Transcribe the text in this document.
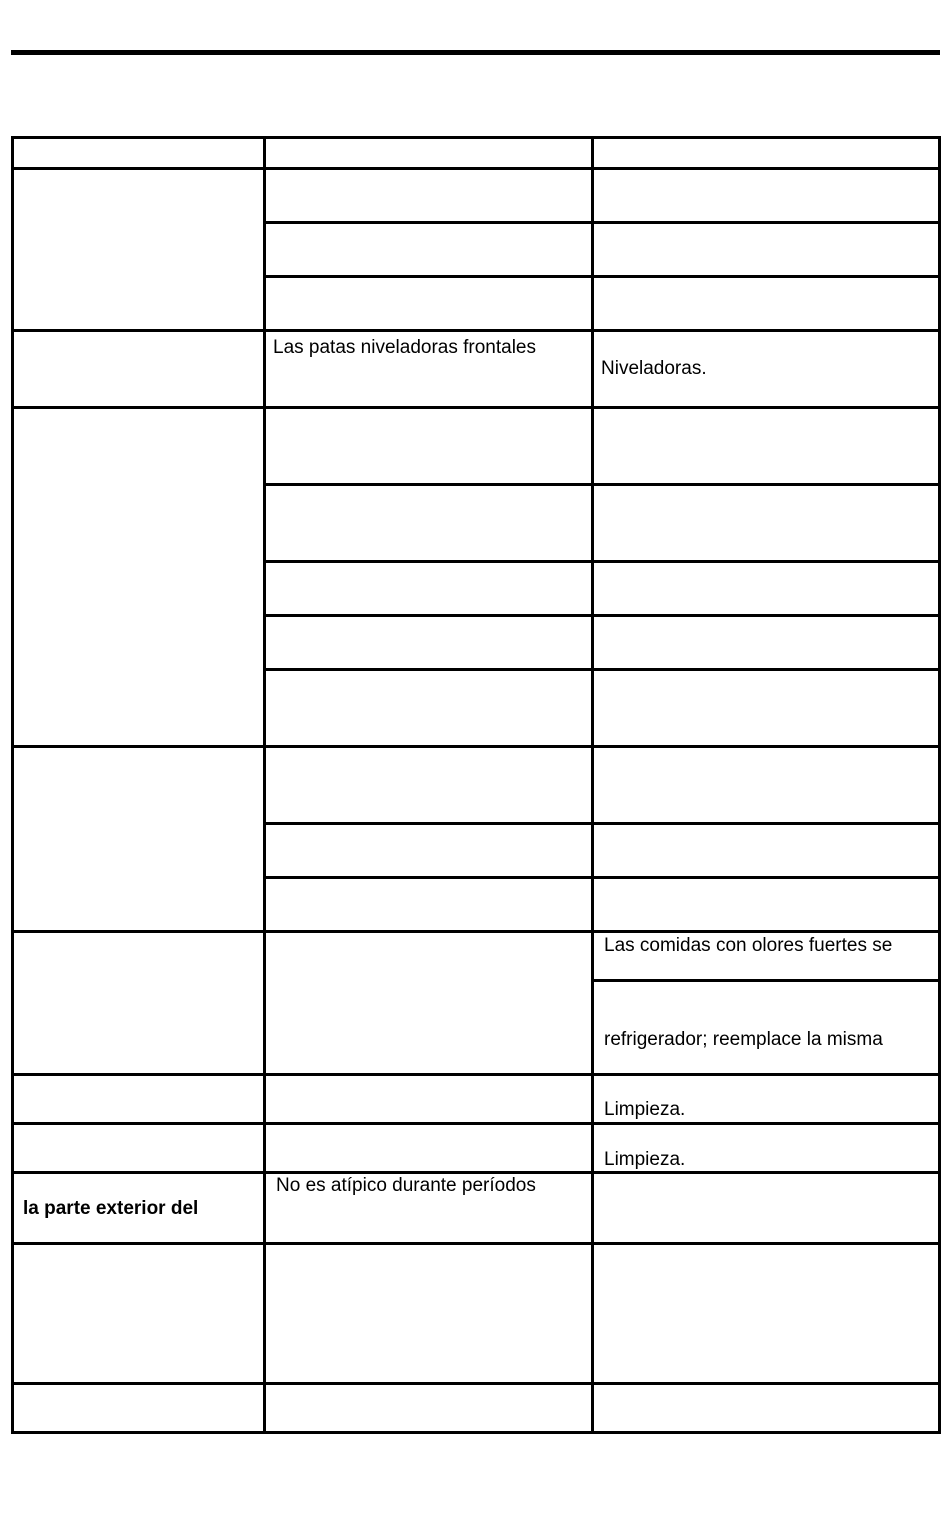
Las patas niveladoras frontales
Niveladoras.
Las comidas con olores fuertes se
refrigerador; reemplace la misma
Limpieza.
Limpieza.
la parte exterior del
No es atípico durante períodos
